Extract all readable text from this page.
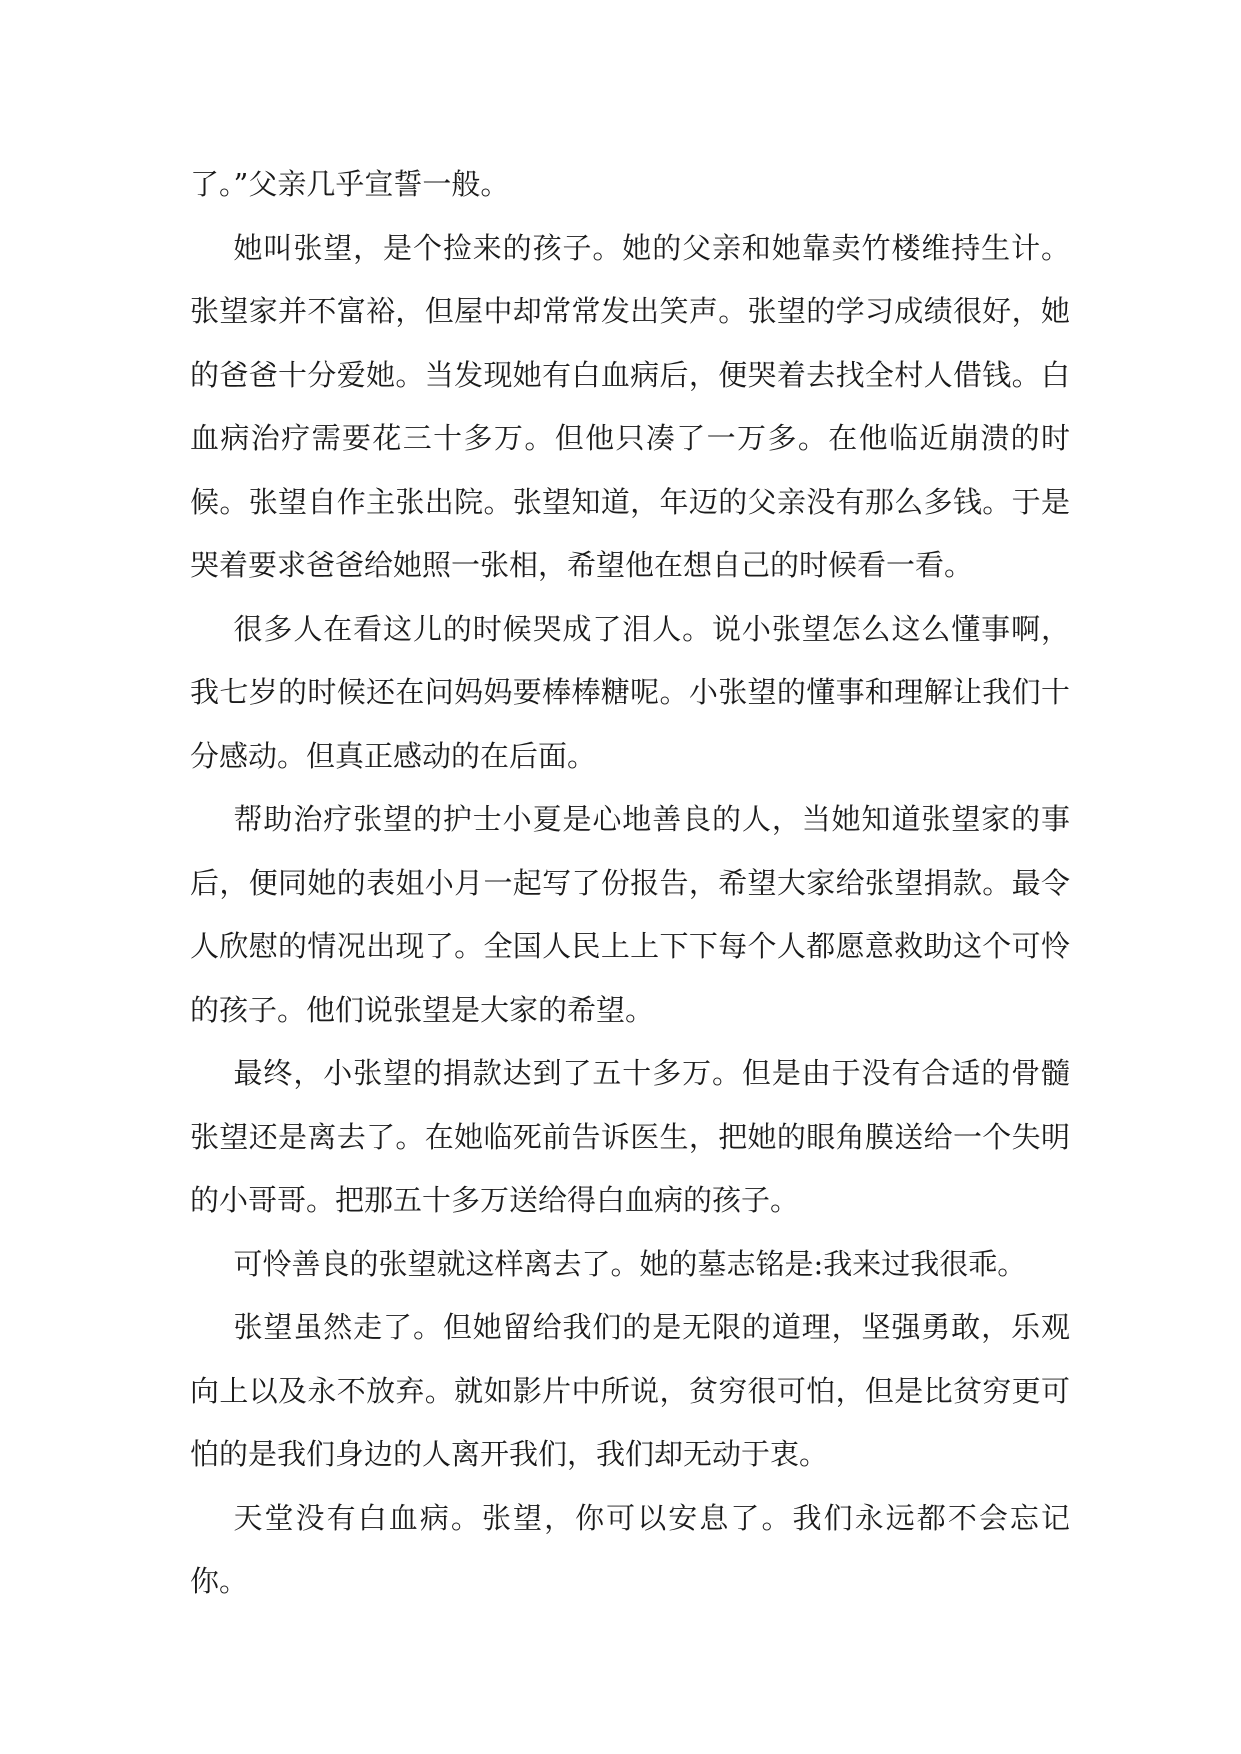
了。”父亲几乎宣誓一般。

她叫张望，是个捡来的孩子。她的父亲和她靠卖竹楼维持生计。张望家并不富裕，但屋中却常常发出笑声。张望的学习成绩很好，她的爸爸十分爱她。当发现她有白血病后，便哭着去找全村人借钱。白血病治疗需要花三十多万。但他只凑了一万多。在他临近崩溃的时候。张望自作主张出院。张望知道，年迈的父亲没有那么多钱。于是哭着要求爸爸给她照一张相，希望他在想自己的时候看一看。

很多人在看这儿的时候哭成了泪人。说小张望怎么这么懂事啊，我七岁的时候还在问妈妈要棒棒糖呢。小张望的懂事和理解让我们十分感动。但真正感动的在后面。

帮助治疗张望的护士小夏是心地善良的人，当她知道张望家的事后，便同她的表姐小月一起写了份报告，希望大家给张望捐款。最令人欣慰的情况出现了。全国人民上上下下每个人都愿意救助这个可怜的孩子。他们说张望是大家的希望。

最终，小张望的捐款达到了五十多万。但是由于没有合适的骨髓张望还是离去了。在她临死前告诉医生，把她的眼角膜送给一个失明的小哥哥。把那五十多万送给得白血病的孩子。

可怜善良的张望就这样离去了。她的墓志铭是:我来过我很乖。

张望虽然走了。但她留给我们的是无限的道理，坚强勇敢，乐观向上以及永不放弃。就如影片中所说，贫穷很可怕，但是比贫穷更可怕的是我们身边的人离开我们，我们却无动于衷。

天堂没有白血病。张望，你可以安息了。我们永远都不会忘记你。
